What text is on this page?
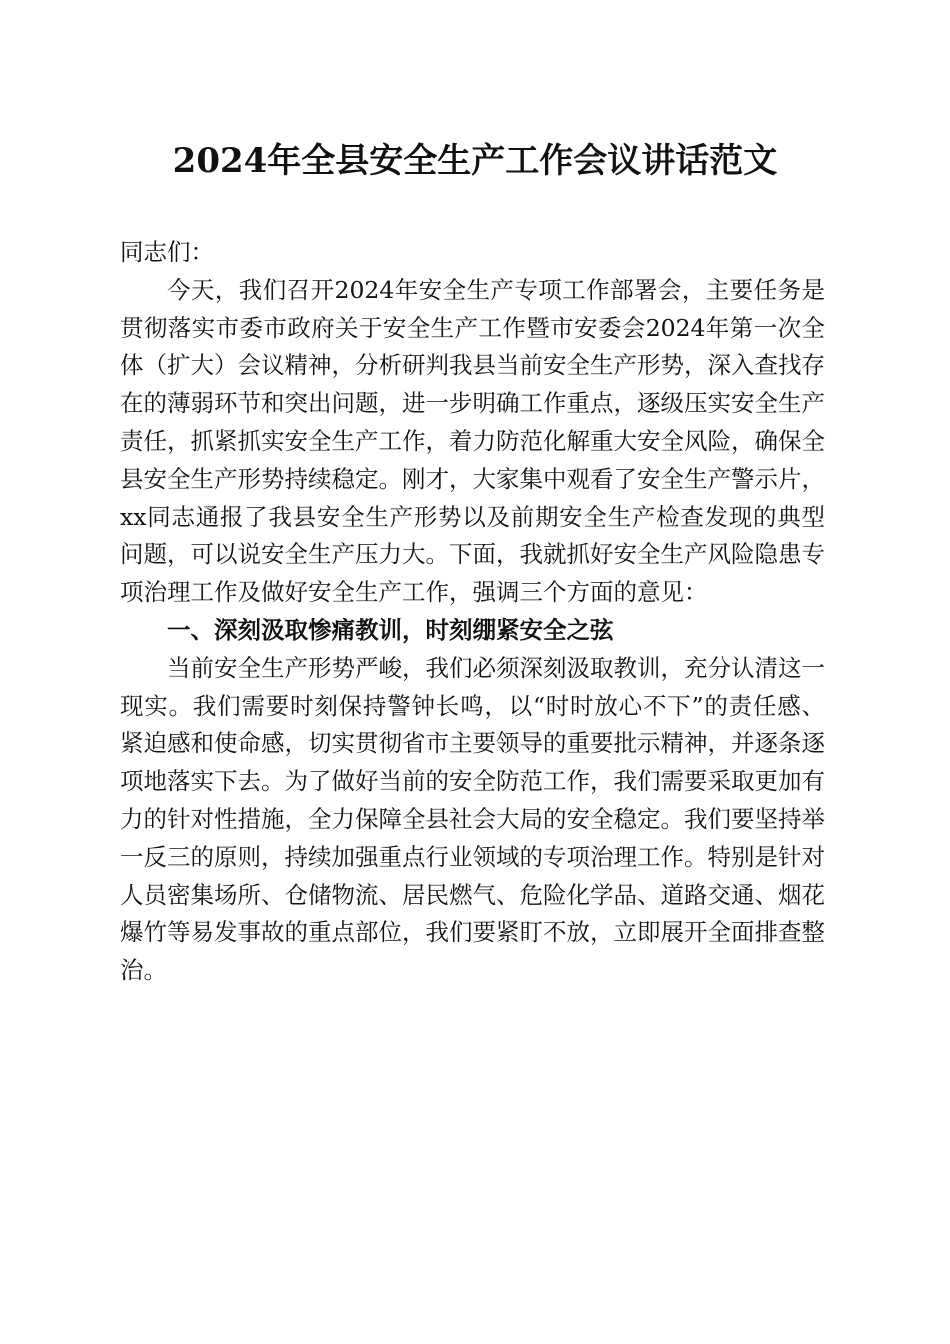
2024年全县安全生产工作会议讲话范文

同志们：

今天，我们召开2024年安全生产专项工作部署会，主要任务是贯彻落实市委市政府关于安全生产工作暨市安委会2024年第一次全体（扩大）会议精神，分析研判我县当前安全生产形势，深入查找存在的薄弱环节和突出问题，进一步明确工作重点，逐级压实安全生产责任，抓紧抓实安全生产工作，着力防范化解重大安全风险，确保全县安全生产形势持续稳定。刚才，大家集中观看了安全生产警示片，xx同志通报了我县安全生产形势以及前期安全生产检查发现的典型问题，可以说安全生产压力大。下面，我就抓好安全生产风险隐患专项治理工作及做好安全生产工作，强调三个方面的意见：

一、深刻汲取惨痛教训，时刻绷紧安全之弦

当前安全生产形势严峻，我们必须深刻汲取教训，充分认清这一现实。我们需要时刻保持警钟长鸣，以“时时放心不下”的责任感、紧迫感和使命感，切实贯彻省市主要领导的重要批示精神，并逐条逐项地落实下去。为了做好当前的安全防范工作，我们需要采取更加有力的针对性措施，全力保障全县社会大局的安全稳定。我们要坚持举一反三的原则，持续加强重点行业领域的专项治理工作。特别是针对人员密集场所、仓储物流、居民燃气、危险化学品、道路交通、烟花爆竹等易发事故的重点部位，我们要紧盯不放，立即展开全面排查整治。
